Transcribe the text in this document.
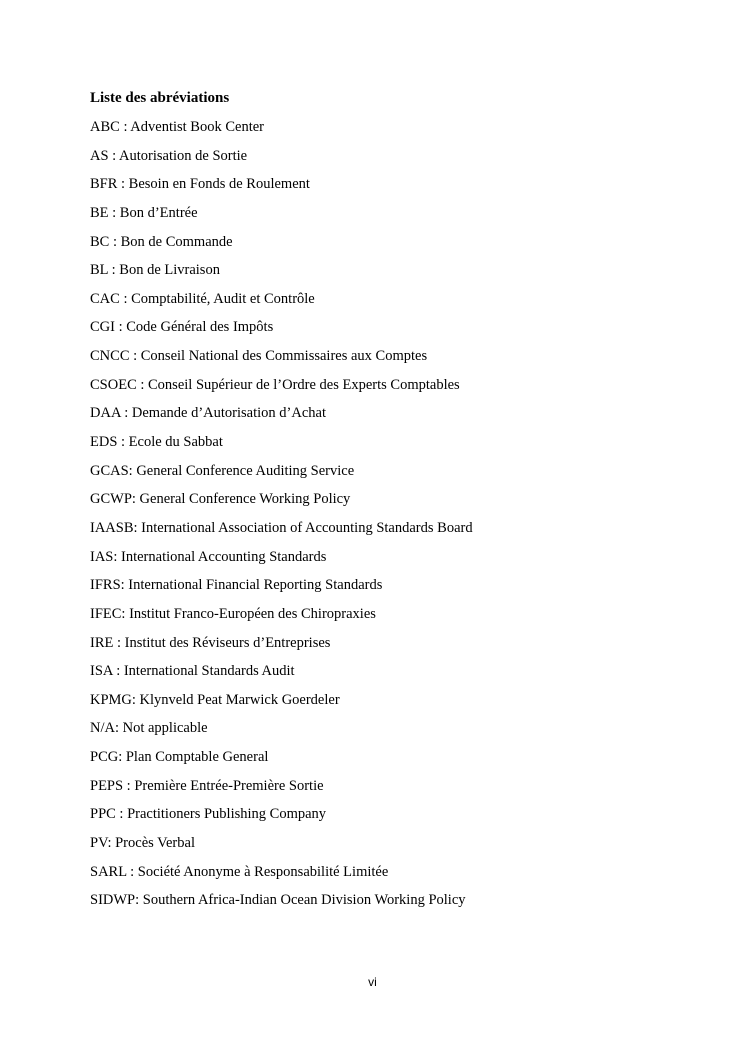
Liste des abréviations
ABC : Adventist Book Center
AS : Autorisation de Sortie
BFR : Besoin en Fonds de Roulement
BE : Bon d’Entrée
BC : Bon de Commande
BL : Bon de Livraison
CAC : Comptabilité, Audit et Contrôle
CGI : Code Général des Impôts
CNCC : Conseil National des Commissaires aux Comptes
CSOEC : Conseil Supérieur de l’Ordre des Experts Comptables
DAA : Demande d’Autorisation d’Achat
EDS : Ecole du Sabbat
GCAS: General Conference Auditing Service
GCWP: General Conference Working Policy
IAASB: International Association of Accounting Standards Board
IAS: International Accounting Standards
IFRS: International Financial Reporting Standards
IFEC: Institut Franco-Européen des Chiropraxies
IRE : Institut des Réviseurs d’Entreprises
ISA : International Standards Audit
KPMG: Klynveld Peat Marwick Goerdeler
N/A: Not applicable
PCG: Plan Comptable General
PEPS : Première Entrée-Première Sortie
PPC : Practitioners Publishing Company
PV: Procès Verbal
SARL : Société Anonyme à Responsabilité Limitée
SIDWP: Southern Africa-Indian Ocean Division Working Policy
vi
